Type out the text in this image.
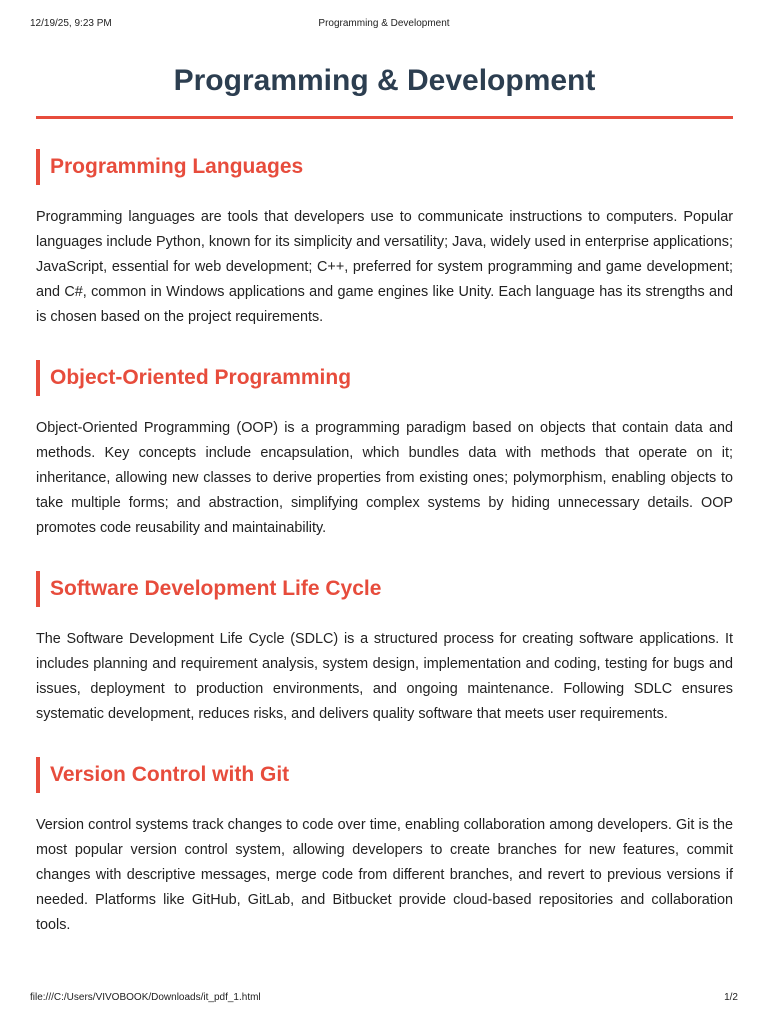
12/19/25, 9:23 PM	Programming & Development
Programming & Development
Programming Languages

Programming languages are tools that developers use to communicate instructions to computers. Popular languages include Python, known for its simplicity and versatility; Java, widely used in enterprise applications; JavaScript, essential for web development; C++, preferred for system programming and game development; and C#, common in Windows applications and game engines like Unity. Each language has its strengths and is chosen based on the project requirements.

Object-Oriented Programming

Object-Oriented Programming (OOP) is a programming paradigm based on objects that contain data and methods. Key concepts include encapsulation, which bundles data with methods that operate on it; inheritance, allowing new classes to derive properties from existing ones; polymorphism, enabling objects to take multiple forms; and abstraction, simplifying complex systems by hiding unnecessary details. OOP promotes code reusability and maintainability.

Software Development Life Cycle

The Software Development Life Cycle (SDLC) is a structured process for creating software applications. It includes planning and requirement analysis, system design, implementation and coding, testing for bugs and issues, deployment to production environments, and ongoing maintenance. Following SDLC ensures systematic development, reduces risks, and delivers quality software that meets user requirements.

Version Control with Git

Version control systems track changes to code over time, enabling collaboration among developers. Git is the most popular version control system, allowing developers to create branches for new features, commit changes with descriptive messages, merge code from different branches, and revert to previous versions if needed. Platforms like GitHub, GitLab, and Bitbucket provide cloud-based repositories and collaboration tools.

file:///C:/Users/VIVOBOOK/Downloads/it_pdf_1.html	1/2
